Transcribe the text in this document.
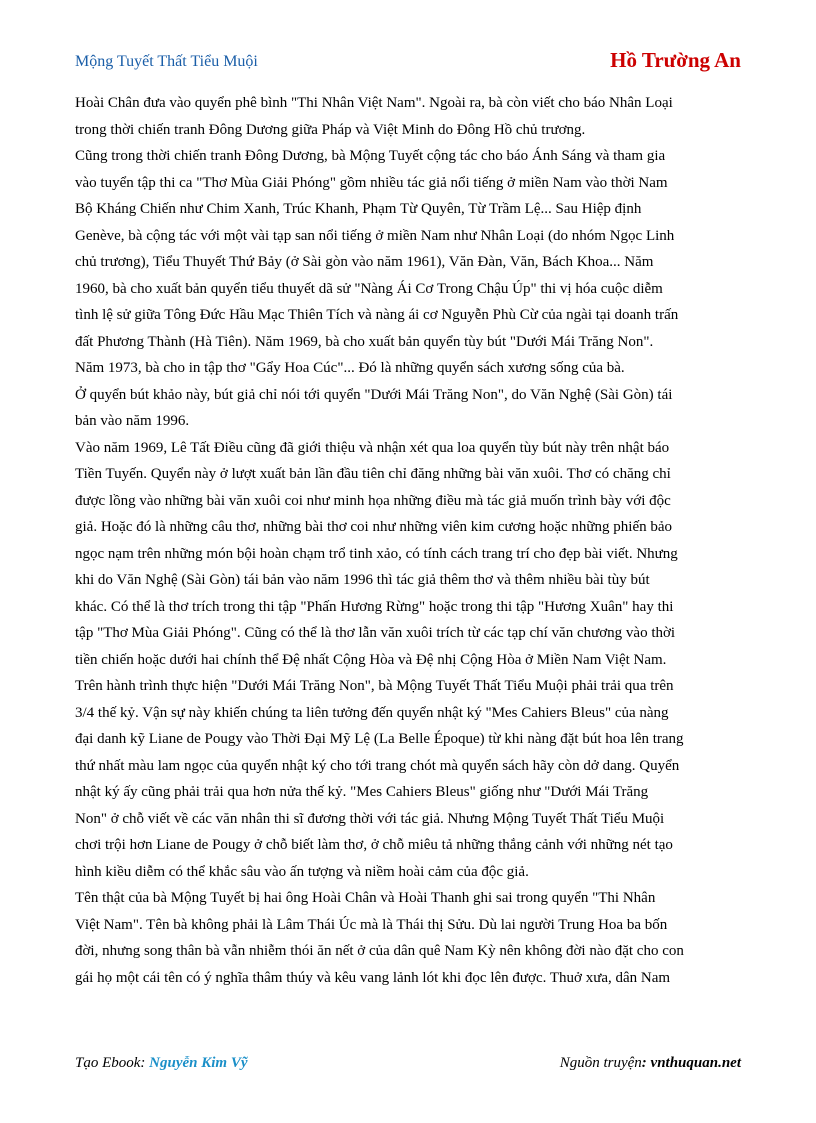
Mộng Tuyết Thất Tiểu Muội	Hồ Trường An
Hoài Chân đưa vào quyển phê bình "Thi Nhân Việt Nam". Ngoài ra, bà còn viết cho báo Nhân Loại
trong thời chiến tranh Đông Dương giữa Pháp và Việt Minh do Đông Hồ chủ trương.
Cũng trong thời chiến tranh Đông Dương, bà Mộng Tuyết cộng tác cho báo Ánh Sáng và tham gia
vào tuyển tập thi ca "Thơ Mùa Giải Phóng" gồm nhiều tác giả nổi tiếng ở miền Nam vào thời Nam
Bộ Kháng Chiến như Chim Xanh, Trúc Khanh, Phạm Từ Quyên, Từ Trầm Lệ... Sau Hiệp định
Genève, bà cộng tác với một vài tạp san nổi tiếng ở miền Nam như Nhân Loại (do nhóm Ngọc Linh
chủ trương), Tiểu Thuyết Thứ Bảy (ở Sài gòn vào năm 1961), Văn Đàn, Văn, Bách Khoa... Năm
1960, bà cho xuất bản quyển tiểu thuyết dã sử "Nàng Ái Cơ Trong Chậu Úp" thi vị hóa cuộc diễm
tình lệ sử giữa Tông Đức Hầu Mạc Thiên Tích và nàng ái cơ Nguyễn Phù Cừ của ngài tại doanh trấn
đất Phương Thành (Hà Tiên). Năm 1969, bà cho xuất bản quyển tùy bút "Dưới Mái Trăng Non".
Năm 1973, bà cho in tập thơ "Gẩy Hoa Cúc"... Đó là những quyển sách xương sống của bà.
Ở quyển bút khảo này, bút giả chỉ nói tới quyển "Dưới Mái Trăng Non", do Văn Nghệ (Sài Gòn) tái
bản vào năm 1996.
Vào năm 1969, Lê Tất Điều cũng đã giới thiệu và nhận xét qua loa quyển tùy bút này trên nhật báo
Tiền Tuyến. Quyển này ở lượt xuất bản lần đầu tiên chỉ đăng những bài văn xuôi. Thơ có chăng chỉ
được lồng vào những bài văn xuôi coi như minh họa những điều mà tác giả muốn trình bày với độc
giả. Hoặc đó là những câu thơ, những bài thơ coi như những viên kim cương hoặc những phiến bảo
ngọc nạm trên những món bội hoàn chạm trổ tinh xảo, có tính cách trang trí cho đẹp bài viết. Nhưng
khi do Văn Nghệ (Sài Gòn) tái bản vào năm 1996 thì tác giả thêm thơ và thêm nhiều bài tùy bút
khác. Có thể là thơ trích trong thi tập "Phấn Hương Rừng" hoặc trong thi tập "Hương Xuân" hay thi
tập "Thơ Mùa Giải Phóng". Cũng có thể là thơ lẫn văn xuôi trích từ các tạp chí văn chương vào thời
tiền chiến hoặc dưới hai chính thể Đệ nhất Cộng Hòa và Đệ nhị Cộng Hòa ở Miền Nam Việt Nam.
Trên hành trình thực hiện "Dưới Mái Trăng Non", bà Mộng Tuyết Thất Tiểu Muội phải trải qua trên
3/4 thế kỷ. Vận sự này khiến chúng ta liên tưởng đến quyển nhật ký "Mes Cahiers Bleus" của nàng
đại danh kỹ Liane de Pougy vào Thời Đại Mỹ Lệ (La Belle Époque) từ khi nàng đặt bút hoa lên trang
thứ nhất màu lam ngọc của quyển nhật ký cho tới trang chót mà quyển sách hãy còn dở dang. Quyển
nhật ký ấy cũng phải trải qua hơn nửa thế kỷ. "Mes Cahiers Bleus" giống như "Dưới Mái Trăng
Non" ở chỗ viết về các văn nhân thi sĩ đương thời với tác giả. Nhưng Mộng Tuyết Thất Tiểu Muội
chơi trội hơn Liane de Pougy ở chỗ biết làm thơ, ở chỗ miêu tả những thắng cảnh với những nét tạo
hình kiều diễm có thể khắc sâu vào ấn tượng và niềm hoài cảm của độc giả.
Tên thật của bà Mộng Tuyết bị hai ông Hoài Chân và Hoài Thanh ghi sai trong quyển "Thi Nhân
Việt Nam". Tên bà không phải là Lâm Thái Úc mà là Thái thị Sửu. Dù lai người Trung Hoa ba bốn
đời, nhưng song thân bà vẫn nhiễm thói ăn nết ở của dân quê Nam Kỳ nên không đời nào đặt cho con
gái họ một cái tên có ý nghĩa thâm thúy và kêu vang lảnh lót khi đọc lên được. Thuở xưa, dân Nam
Tạo Ebook: Nguyễn Kim Vỹ	Nguồn truyện: vnthuquan.net
